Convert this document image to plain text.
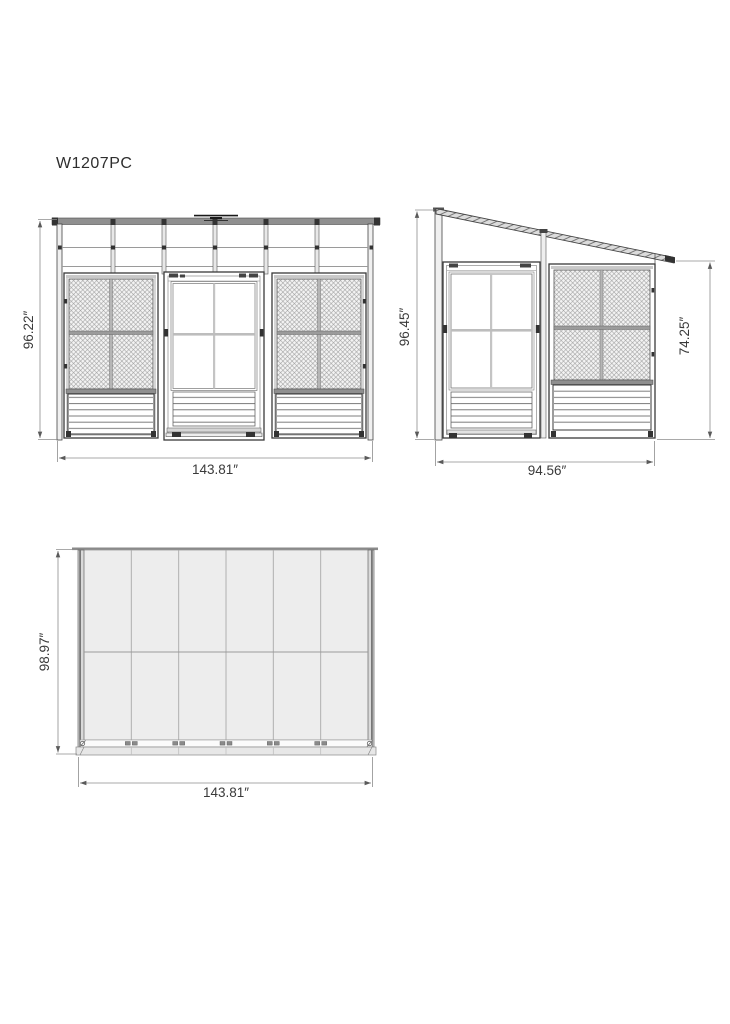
W1207PC
96.22″
143.81″
96.45″	74.25″
94.56″
98.97″
143.81″
